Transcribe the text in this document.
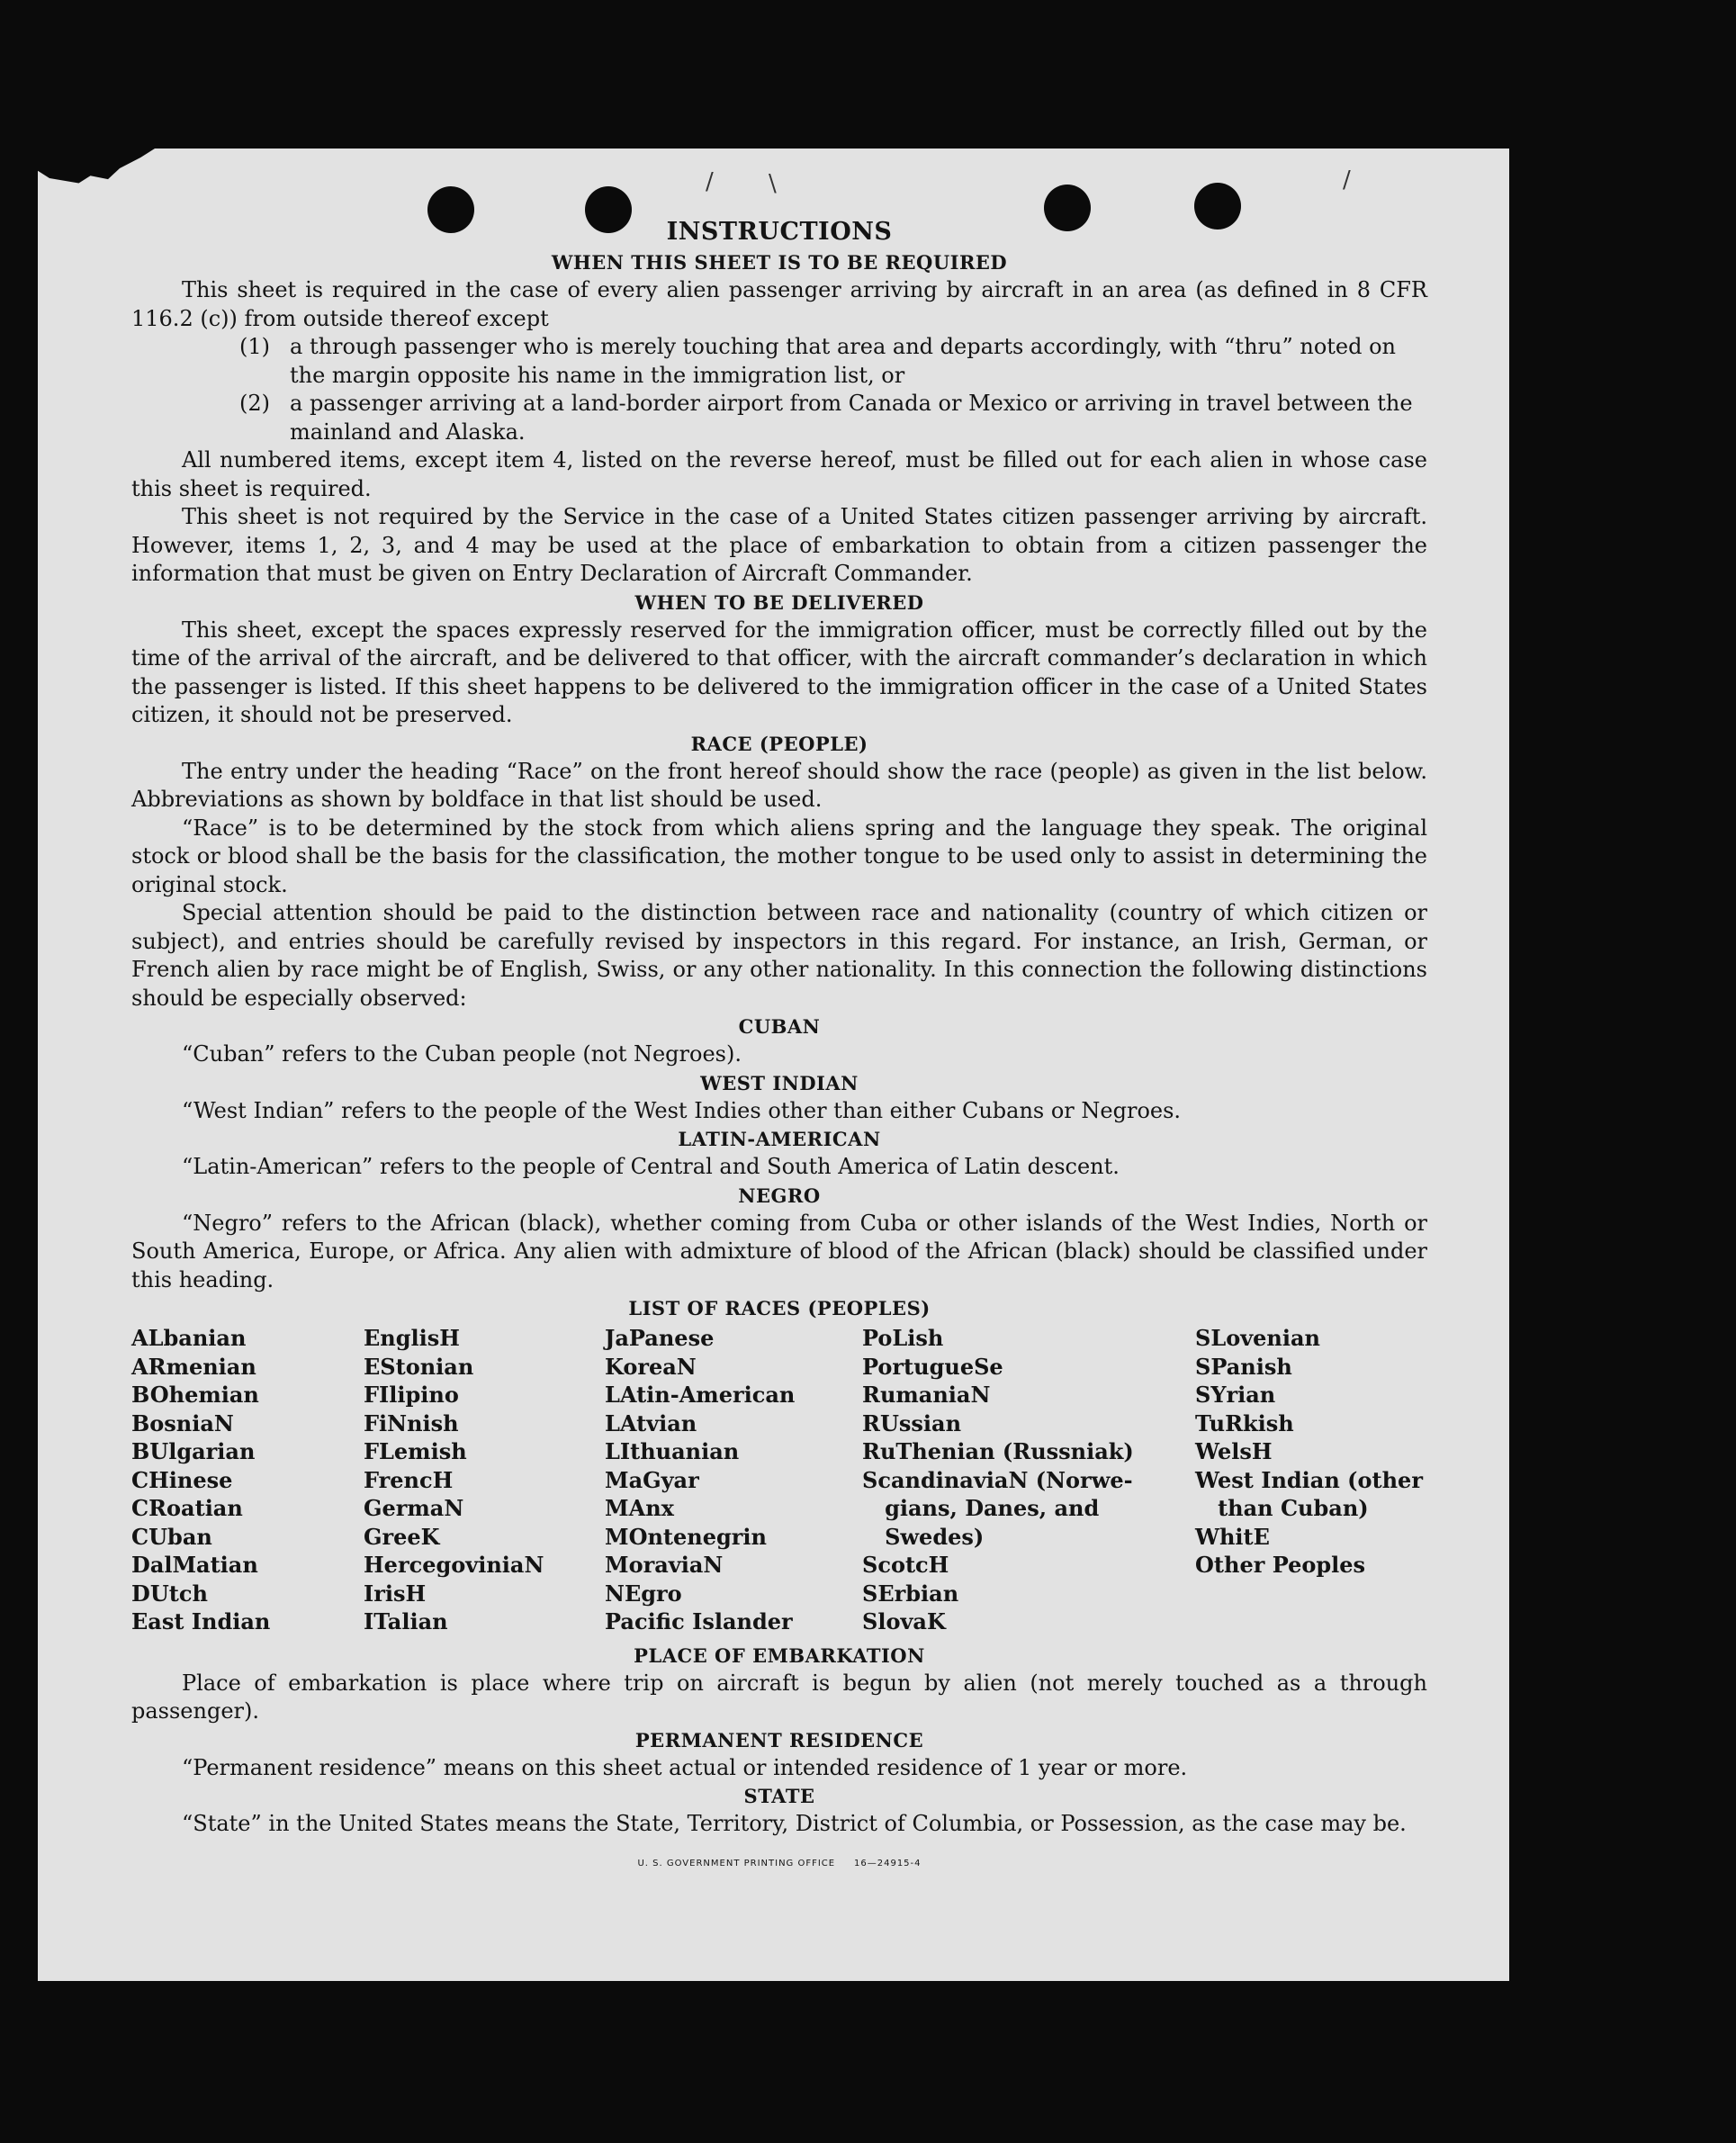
/ \	/
INSTRUCTIONS
WHEN THIS SHEET IS TO BE REQUIRED

This sheet is required in the case of every alien passenger arriving by aircraft in an area (as defined in 8 CFR 116.2 (c)) from outside thereof except

(1) a through passenger who is merely touching that area and departs accordingly, with “thru” noted on the margin opposite his name in the immigration list, or
(2) a passenger arriving at a land-border airport from Canada or Mexico or arriving in travel between the mainland and Alaska.

All numbered items, except item 4, listed on the reverse hereof, must be filled out for each alien in whose case this sheet is required.

This sheet is not required by the Service in the case of a United States citizen passenger arriving by aircraft. However, items 1, 2, 3, and 4 may be used at the place of embarkation to obtain from a citizen passenger the information that must be given on Entry Declaration of Aircraft Commander.

WHEN TO BE DELIVERED

This sheet, except the spaces expressly reserved for the immigration officer, must be correctly filled out by the time of the arrival of the aircraft, and be delivered to that officer, with the aircraft commander’s declaration in which the passenger is listed. If this sheet happens to be delivered to the immigration officer in the case of a United States citizen, it should not be preserved.

RACE (PEOPLE)

The entry under the heading “Race” on the front hereof should show the race (people) as given in the list below. Abbreviations as shown by boldface in that list should be used.

“Race” is to be determined by the stock from which aliens spring and the language they speak. The original stock or blood shall be the basis for the classification, the mother tongue to be used only to assist in determining the original stock.

Special attention should be paid to the distinction between race and nationality (country of which citizen or subject), and entries should be carefully revised by inspectors in this regard. For instance, an Irish, German, or French alien by race might be of English, Swiss, or any other nationality. In this connection the following distinctions should be especially observed:

CUBAN

“Cuban” refers to the Cuban people (not Negroes).

WEST INDIAN

“West Indian” refers to the people of the West Indies other than either Cubans or Negroes.

LATIN-AMERICAN

“Latin-American” refers to the people of Central and South America of Latin descent.

NEGRO

“Negro” refers to the African (black), whether coming from Cuba or other islands of the West Indies, North or South America, Europe, or Africa. Any alien with admixture of blood of the African (black) should be classified under this heading.

LIST OF RACES (PEOPLES)
ALbanian
ARmenian
BOhemian
BosniaN
BUlgarian
CHinese
CRoatian
CUban
DalMatian
DUtch
East Indian
EnglisH
EStonian
FIlipino
FiNnish
FLemish
FrencH
GermaN
GreeK
HercegoviniaN
IrisH
ITalian
JaPanese
KoreaN
LAtin-American
LAtvian
LIthuanian
MaGyar
MAnx
MOntenegrin
MoraviaN
NEgro
Pacific Islander
PoLish
PortugueSe
RumaniaN
RUssian
RuThenian (Russniak)
ScandinaviaN (Norwe-
gians, Danes, and
Swedes)
ScotcH
SErbian
SlovaK
SLovenian
SPanish
SYrian
TuRkish
WelsH
West Indian (other
than Cuban)
WhitE
Other Peoples
PLACE OF EMBARKATION

Place of embarkation is place where trip on aircraft is begun by alien (not merely touched as a through passenger).

PERMANENT RESIDENCE

“Permanent residence” means on this sheet actual or intended residence of 1 year or more.

STATE

“State” in the United States means the State, Territory, District of Columbia, or Possession, as the case may be.

U. S. GOVERNMENT PRINTING OFFICE     16—24915-4
